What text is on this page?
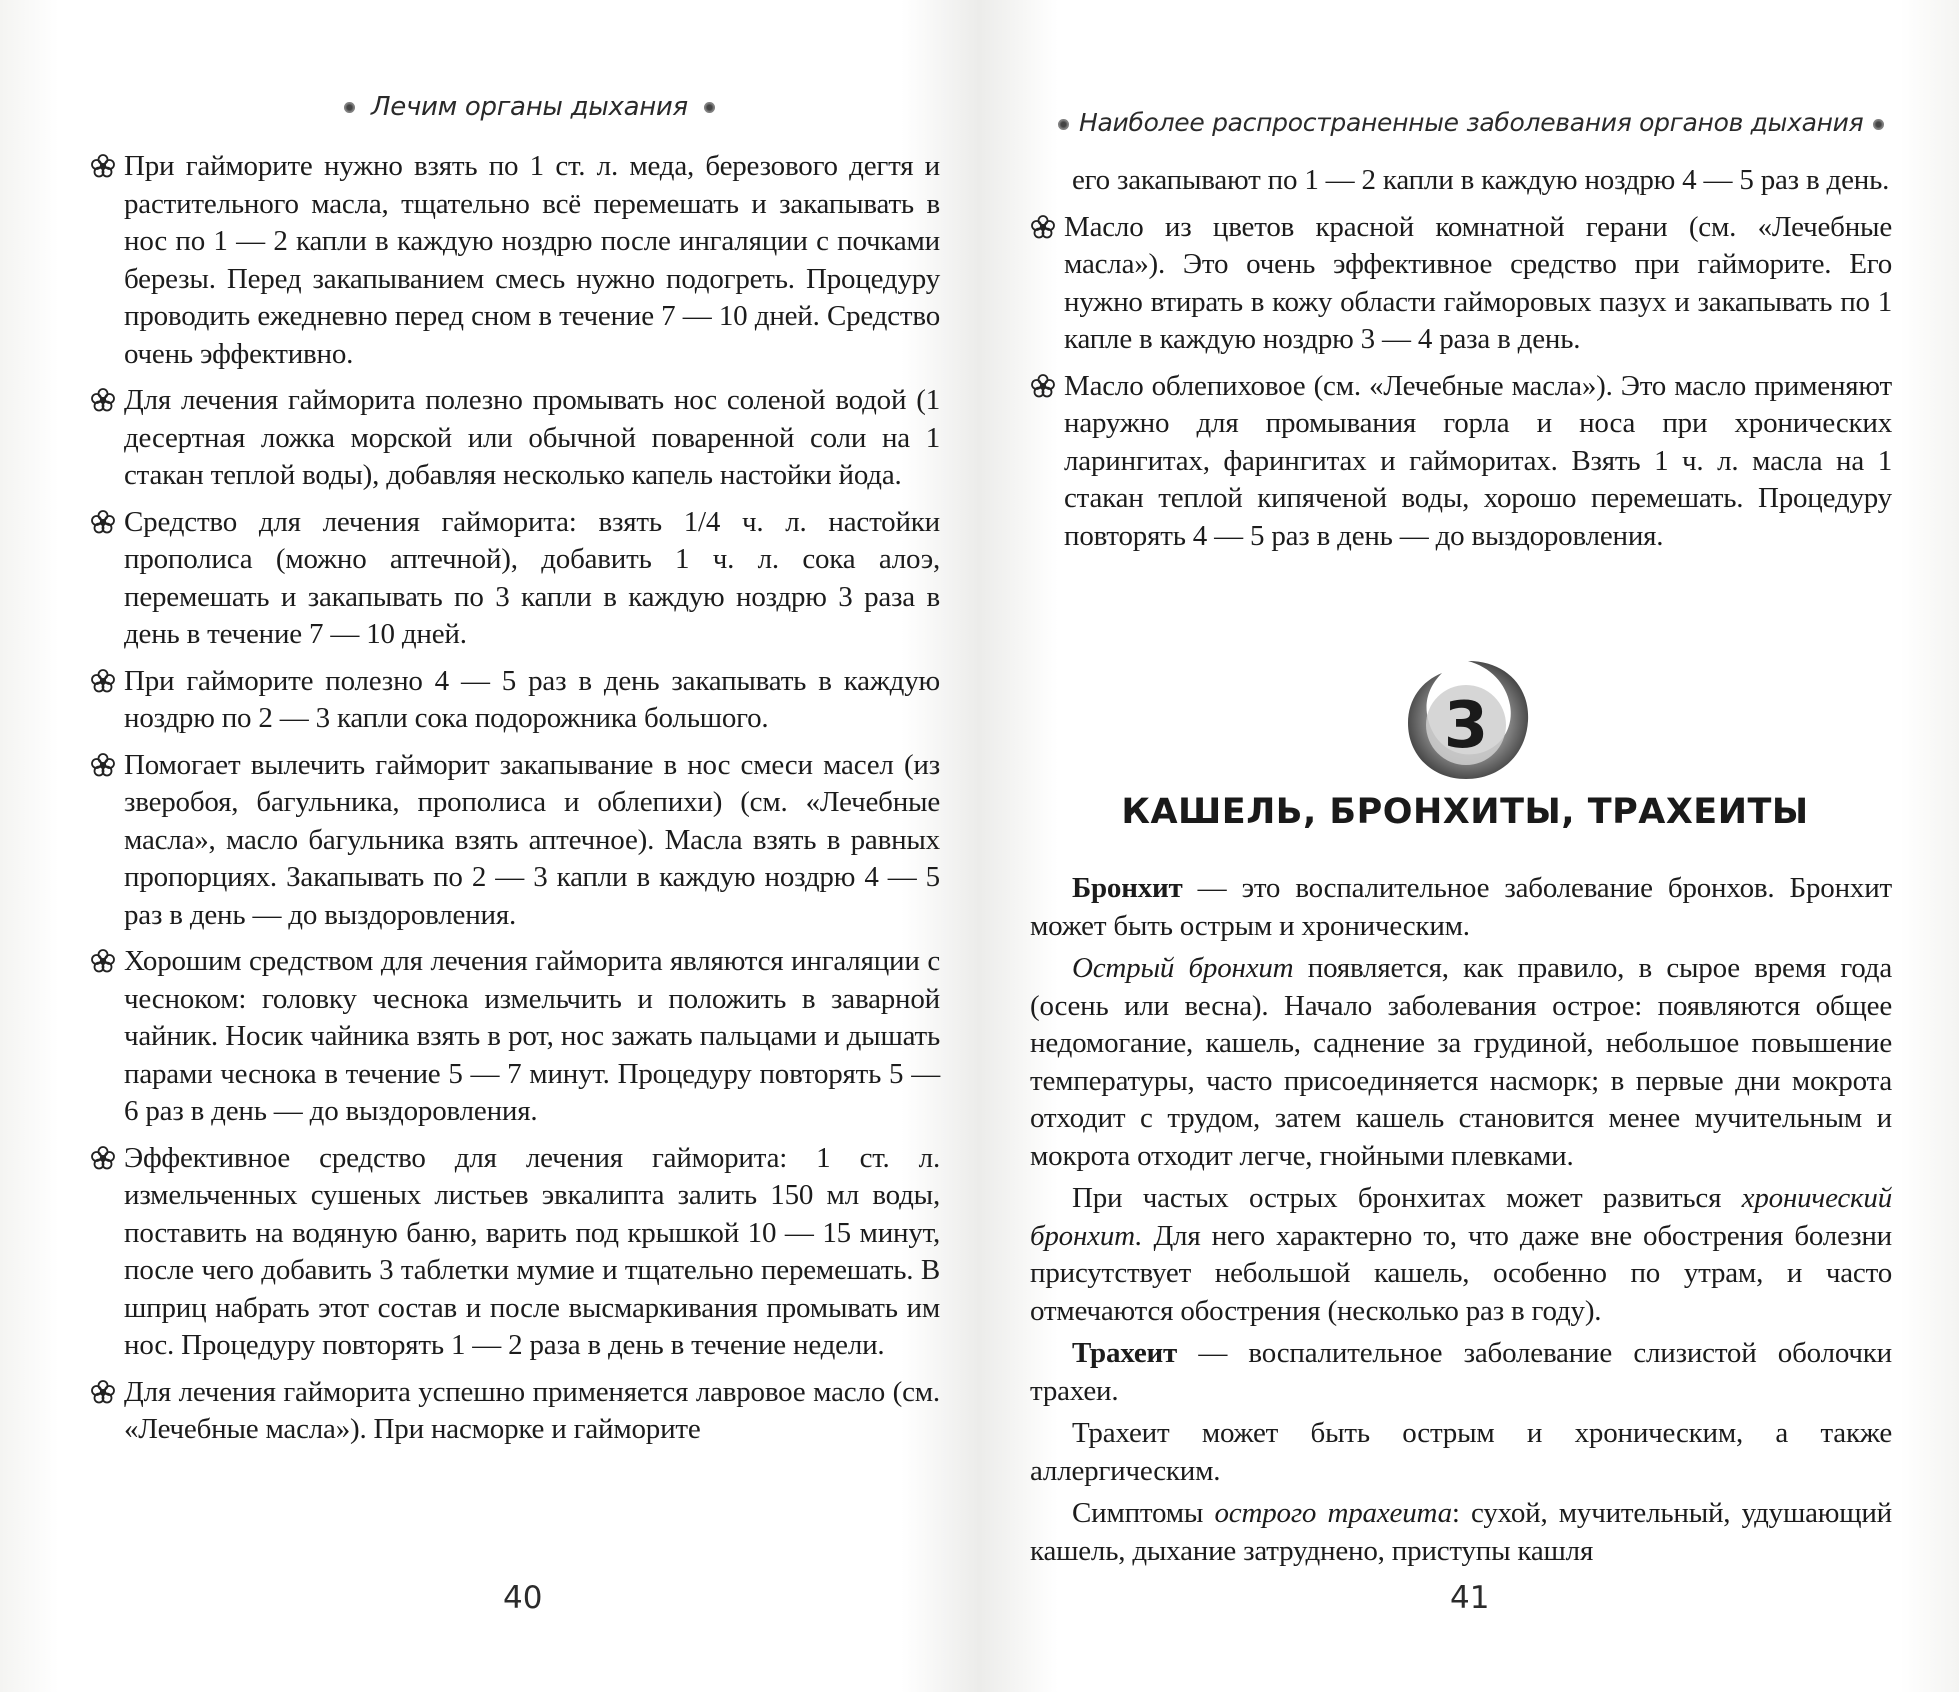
Лечим органы дыхания
При гайморите нужно взять по 1 ст. л. меда, березового дегтя и растительного масла, тщательно всё перемешать и закапывать в нос по 1 — 2 капли в каждую ноздрю после ингаляции с почками березы. Перед закапыванием смесь нужно подогреть. Процедуру проводить ежедневно перед сном в течение 7 — 10 дней. Средство очень эффективно.
Для лечения гайморита полезно промывать нос соленой водой (1 десертная ложка морской или обычной поваренной соли на 1 стакан теплой воды), добавляя несколько капель настойки йода.
Средство для лечения гайморита: взять 1/4 ч. л. настойки прополиса (можно аптечной), добавить 1 ч. л. сока алоэ, перемешать и закапывать по 3 капли в каждую ноздрю 3 раза в день в течение 7 — 10 дней.
При гайморите полезно 4 — 5 раз в день закапывать в каждую ноздрю по 2 — 3 капли сока подорожника большого.
Помогает вылечить гайморит закапывание в нос смеси масел (из зверобоя, багульника, прополиса и облепихи) (см. «Лечебные масла», масло багульника взять аптечное). Масла взять в равных пропорциях. Закапывать по 2 — 3 капли в каждую ноздрю 4 — 5 раз в день — до выздоровления.
Хорошим средством для лечения гайморита являются ингаляции с чесноком: головку чеснока измельчить и положить в заварной чайник. Носик чайника взять в рот, нос зажать пальцами и дышать парами чеснока в течение 5 — 7 минут. Процедуру повторять 5 — 6 раз в день — до выздоровления.
Эффективное средство для лечения гайморита: 1 ст. л. измельченных сушеных листьев эвкалипта залить 150 мл воды, поставить на водяную баню, варить под крышкой 10 — 15 минут, после чего добавить 3 таблетки мумие и тщательно перемешать. В шприц набрать этот состав и после высмаркивания промывать им нос. Процедуру повторять 1 — 2 раза в день в течение недели.
Для лечения гайморита успешно применяется лавровое масло (см. «Лечебные масла»). При насморке и гайморите
40
Наиболее распространенные заболевания органов дыхания
его закапывают по 1 — 2 капли в каждую ноздрю 4 — 5 раз в день.
Масло из цветов красной комнатной герани (см. «Лечебные масла»). Это очень эффективное средство при гайморите. Его нужно втирать в кожу области гайморовых пазух и закапывать по 1 капле в каждую ноздрю 3 — 4 раза в день.
Масло облепиховое (см. «Лечебные масла»). Это масло применяют наружно для промывания горла и носа при хронических ларингитах, фарингитах и гайморитах. Взять 1 ч. л. масла на 1 стакан теплой кипяченой воды, хорошо перемешать. Процедуру повторять 4 — 5 раз в день — до выздоровления.
3
КАШЕЛЬ, БРОНХИТЫ, ТРАХЕИТЫ

Бронхит — это воспалительное заболевание бронхов. Бронхит может быть острым и хроническим.

Острый бронхит появляется, как правило, в сырое время года (осень или весна). Начало заболевания острое: появляются общее недомогание, кашель, саднение за грудиной, небольшое повышение температуры, часто присоединяется насморк; в первые дни мокрота отходит с трудом, затем кашель становится менее мучительным и мокрота отходит легче, гнойными плевками.

При частых острых бронхитах может развиться хронический бронхит. Для него характерно то, что даже вне обострения болезни присутствует небольшой кашель, особенно по утрам, и часто отмечаются обострения (несколько раз в году).

Трахеит — воспалительное заболевание слизистой оболочки трахеи.

Трахеит может быть острым и хроническим, а также аллергическим.

Симптомы острого трахеита: сухой, мучительный, удушающий кашель, дыхание затруднено, приступы кашля

41
